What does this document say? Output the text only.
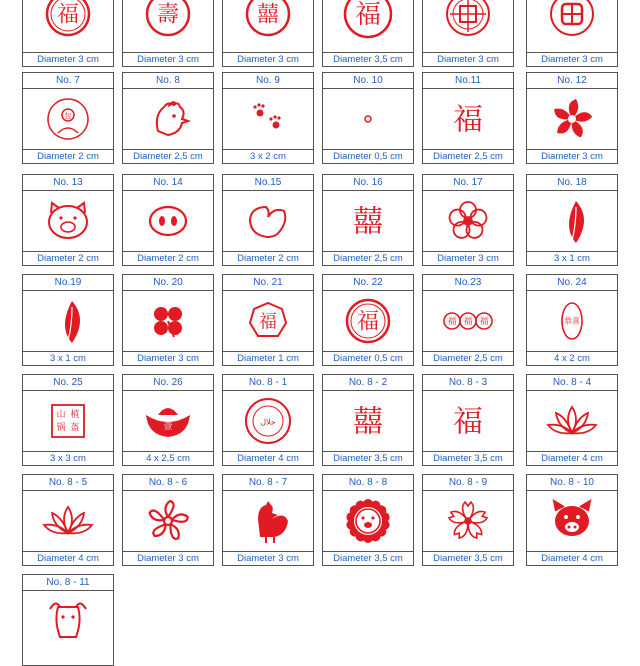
福
Diameter 3 cm
壽
Diameter 3 cm
囍
Diameter 3 cm
福
Diameter 3,5 cm	Diameter 3 cm	Diameter 3 cm
No. 7
包
Diameter 2 cm
No. 8
Diameter 2,5 cm
No. 9
3 x 2 cm
No. 10
Diameter 0,5 cm
No.11
福
Diameter 2,5 cm
No. 12
Diameter 3 cm
No. 13
Diameter 2 cm
No. 14
Diameter 2 cm
No.15
Diameter 2 cm
No. 16
囍
Diameter 2,5 cm
No. 17
Diameter 3 cm
No. 18
3 x 1 cm
No.19
3 x 1 cm
No. 20
Diameter 3 cm
No. 21
福
Diameter 1 cm
No. 22
福
Diameter 0,5 cm
No.23
福 福 福
Diameter 2,5 cm
No. 24
恭喜
4 x 2 cm
No. 25
山 植
锅 盔
3 x 3 cm
No. 26
壹
4 x 2,5 cm
No. 8 - 1
حلال
Diameter 4 cm
No. 8 - 2
囍
Diameter 3,5 cm
No. 8 - 3
福
Diameter 3,5 cm
No. 8 - 4
Diameter 4 cm
No. 8 - 5
Diameter 4 cm
No. 8 - 6
Diameter 3 cm
No. 8 - 7
Diameter 3 cm
No. 8 - 8
Diameter 3,5 cm
No. 8 - 9
Diameter 3,5 cm
No. 8 - 10
Diameter 4 cm
No. 8 - 11
